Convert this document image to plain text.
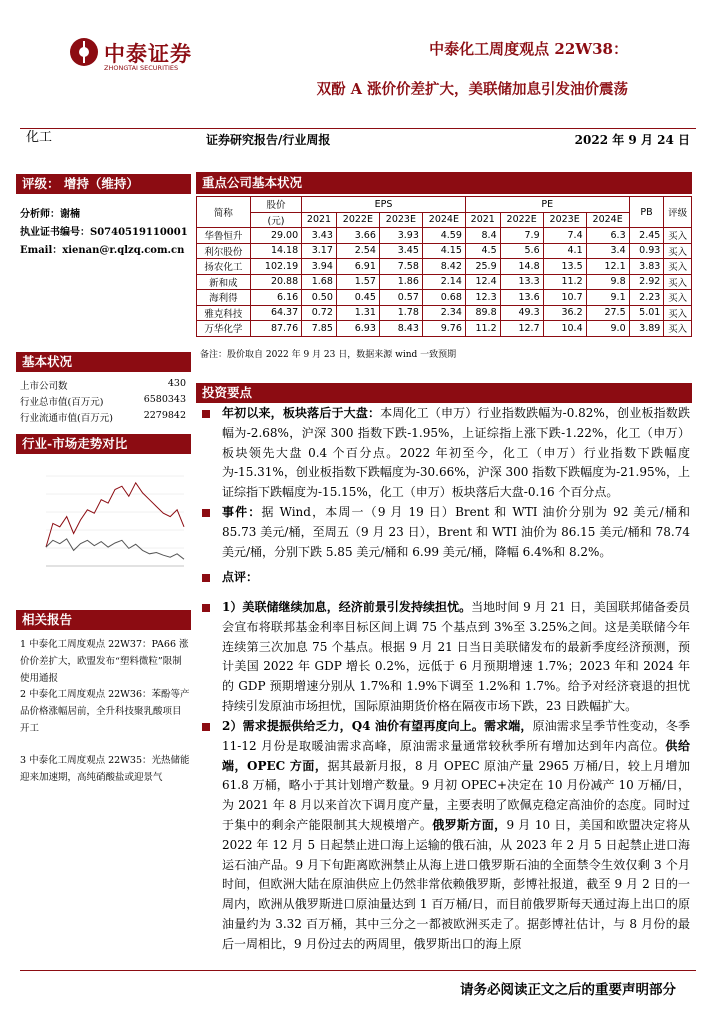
中泰证券
ZHONGTAI SECURITIES
中泰化工周度观点 22W38：
双酚 A 涨价价差扩大，美联储加息引发油价震荡
化工	证券研究报告/行业周报	2022 年 9 月 24 日
评级： 增持（维持）
分析师：谢楠
执业证书编号：S0740519110001
Email：xienan@r.qlzq.com.cn
基本状况
上市公司数	430
行业总市值(百万元)	6580343
行业流通市值(百万元)	2279842
行业-市场走势对比
相关报告
1 中泰化工周度观点 22W37：PA66 涨价价差扩大，欧盟发布“塑料微粒”限制使用通报
2 中泰化工周度观点 22W36：苯酚等产品价格涨幅居前，全升科技聚乳酸项目开工
3 中泰化工周度观点 22W35：光热储能迎来加速期，高纯硝酸盐或迎景气
重点公司基本状况
简称	股价	EPS				PE				PB	评级
	(元)	2021	2022E	2023E	2024E	2021	2022E	2023E	2024E		
华鲁恒升	29.00	3.43	3.66	3.93	4.59	8.4	7.9	7.4	6.3	2.45	买入
利尔股份	14.18	3.17	2.54	3.45	4.15	4.5	5.6	4.1	3.4	0.93	买入
扬农化工	102.19	3.94	6.91	7.58	8.42	25.9	14.8	13.5	12.1	3.83	买入
新和成	20.88	1.68	1.57	1.86	2.14	12.4	13.3	11.2	9.8	2.92	买入
海利得	6.16	0.50	0.45	0.57	0.68	12.3	13.6	10.7	9.1	2.23	买入
雅克科技	64.37	0.72	1.31	1.78	2.34	89.8	49.3	36.2	27.5	5.01	买入
万华化学	87.76	7.85	6.93	8.43	9.76	11.2	12.7	10.4	9.0	3.89	买入
备注：股价取自 2022 年 9 月 23 日，数据来源 wind 一致预期
投资要点
年初以来，板块落后于大盘：本周化工（申万）行业指数跌幅为-0.82%，创业板指数跌幅为-2.68%，沪深 300 指数下跌-1.95%，上证综指上涨下跌-1.22%，化工（申万）板块领先大盘 0.4 个百分点。2022 年初至今，化工（申万）行业指数下跌幅度为-15.31%，创业板指数下跌幅度为-30.66%，沪深 300 指数下跌幅度为-21.95%，上证综指下跌幅度为-15.15%，化工（申万）板块落后大盘-0.16 个百分点。
事件：据 Wind，本周一（9 月 19 日）Brent 和 WTI 油价分别为 92 美元/桶和 85.73 美元/桶，至周五（9 月 23 日），Brent 和 WTI 油价为 86.15 美元/桶和 78.74 美元/桶，分别下跌 5.85 美元/桶和 6.99 美元/桶，降幅 6.4%和 8.2%。
点评：
1）美联储继续加息，经济前景引发持续担忧。当地时间 9 月 21 日，美国联邦储备委员会宣布将联邦基金利率目标区间上调 75 个基点到 3%至 3.25%之间。这是美联储今年连续第三次加息 75 个基点。根据 9 月 21 日当日美联储发布的最新季度经济预测，预计美国 2022 年 GDP 增长 0.2%，远低于 6 月预期增速 1.7%；2023 年和 2024 年的 GDP 预期增速分别从 1.7%和 1.9%下调至 1.2%和 1.7%。给予对经济衰退的担忧持续引发原油市场担忧，国际原油期货价格在隔夜市场下跌，23 日跌幅扩大。
2）需求提振供给乏力，Q4 油价有望再度向上。需求端，原油需求呈季节性变动，冬季 11-12 月份是取暖油需求高峰，原油需求量通常较秋季所有增加达到年内高位。供给端，OPEC 方面，据其最新月报，8 月 OPEC 原油产量 2965 万桶/日，较上月增加 61.8 万桶，略小于其计划增产数量。9 月初 OPEC+决定在 10 月份减产 10 万桶/日，为 2021 年 8 月以来首次下调月度产量，主要表明了欧佩克稳定高油价的态度。同时过于集中的剩余产能限制其大规模增产。俄罗斯方面，9 月 10 日，美国和欧盟决定将从 2022 年 12 月 5 日起禁止进口海上运输的俄石油，从 2023 年 2 月 5 日起禁止进口海运石油产品。9 月下旬距离欧洲禁止从海上进口俄罗斯石油的全面禁令生效仅剩 3 个月时间，但欧洲大陆在原油供应上仍然非常依赖俄罗斯，彭博社报道，截至 9 月 2 日的一周内，欧洲从俄罗斯进口原油量达到 1 百万桶/日，而目前俄罗斯每天通过海上出口的原油量约为 3.32 百万桶，其中三分之一都被欧洲买走了。据彭博社估计，与 8 月份的最后一周相比，9 月份过去的两周里，俄罗斯出口的海上原
请务必阅读正文之后的重要声明部分
